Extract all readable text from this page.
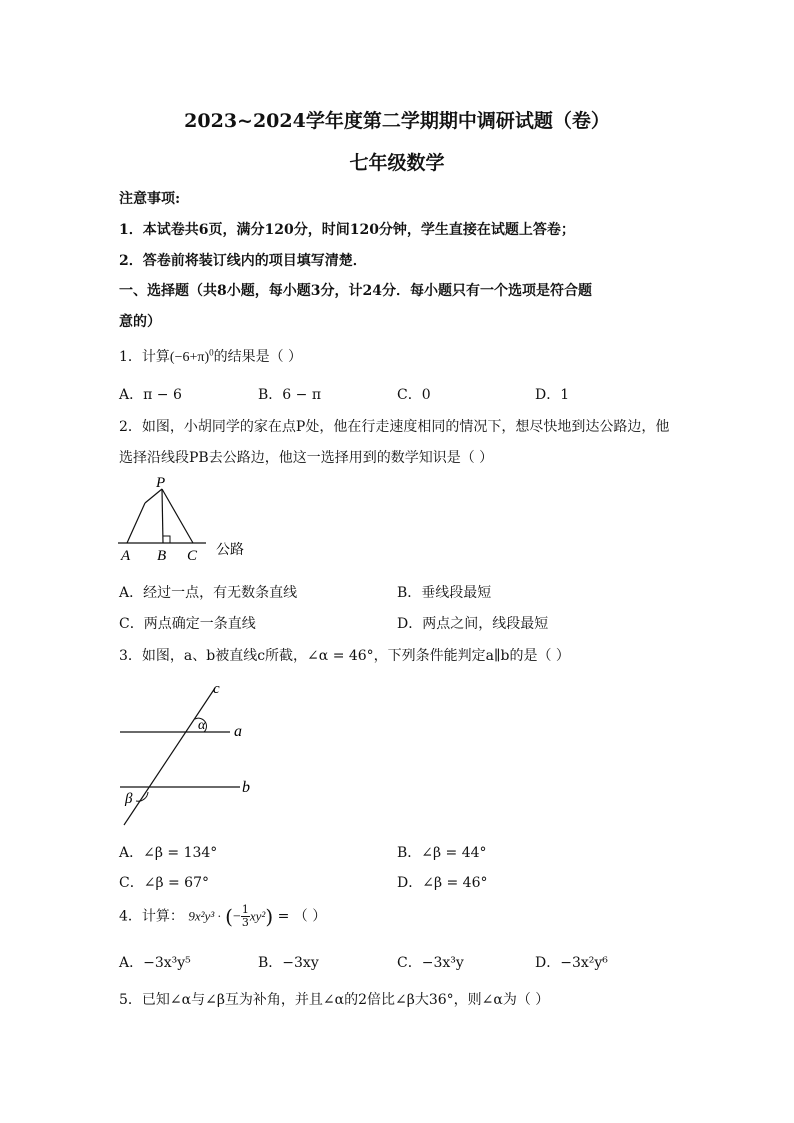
2023~2024学年度第二学期期中调研试题（卷）
七年级数学
注意事项:
1．本试卷共6页，满分120分，时间120分钟，学生直接在试题上答卷；
2．答卷前将装订线内的项目填写清楚．
一、选择题（共8小题，每小题3分，计24分．每小题只有一个选项是符合题
意的）
1．计算$(-6+\pi)^0$的结果是（ ）
A．π − 6	B．6 − π	C．0	D．1
2．如图，小胡同学的家在点P处，他在行走速度相同的情况下，想尽快地到达公路边，他
选择沿线段PB去公路边，他这一选择用到的数学知识是（ ）
P
A B C 公路
A．经过一点，有无数条直线	B．垂线段最短
C．两点确定一条直线	D．两点之间，线段最短
3．如图，a、b被直线c所截，∠α = 46°，下列条件能判定a∥b的是（ ）
c
α a
b
β
A．∠β = 134°	B．∠β = 44°
C．∠β = 67°	D．∠β = 46°
4．计算： 9x²y³ · (− $\frac{1}{3} xy^2$) = （ ）
A．−3x³y⁵	B．−3xy	C．−3x³y	D．−3x²y⁶
5．已知∠α与∠β互为补角，并且∠α的2倍比∠β大36°，则∠α为（ ）
